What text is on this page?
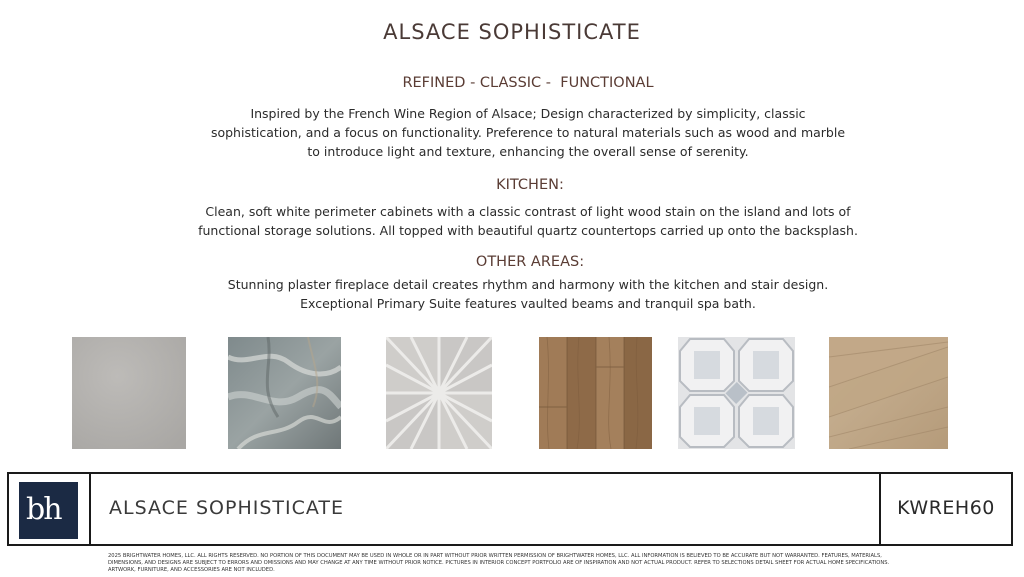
ALSACE SOPHISTICATE
REFINED - CLASSIC -  FUNCTIONAL
Inspired by the French Wine Region of Alsace; Design characterized by simplicity, classic
sophistication, and a focus on functionality. Preference to natural materials such as wood and marble
to introduce light and texture, enhancing the overall sense of serenity.
KITCHEN:
Clean, soft white perimeter cabinets with a classic contrast of light wood stain on the island and lots of
functional storage solutions. All topped with beautiful quartz countertops carried up onto the backsplash.
OTHER AREAS:
Stunning plaster fireplace detail creates rhythm and harmony with the kitchen and stair design.
Exceptional Primary Suite features vaulted beams and tranquil spa bath.
bh	ALSACE SOPHISTICATE	KWREH60
2025 BRIGHTWATER HOMES, LLC. ALL RIGHTS RESERVED. NO PORTION OF THIS DOCUMENT MAY BE USED IN WHOLE OR IN PART WITHOUT PRIOR WRITTEN PERMISSION OF BRIGHTWATER HOMES, LLC. ALL INFORMATION IS BELIEVED TO BE ACCURATE BUT NOT WARRANTED. FEATURES, MATERIALS, DIMENSIONS, AND DESIGNS ARE SUBJECT TO ERRORS AND OMISSIONS AND MAY CHANGE AT ANY TIME WITHOUT PRIOR NOTICE. PICTURES IN INTERIOR CONCEPT PORTFOLIO ARE OF INSPIRATION AND NOT ACTUAL PRODUCT. REFER TO SELECTIONS DETAIL SHEET FOR ACTUAL HOME SPECIFICATIONS. ARTWORK, FURNITURE, AND ACCESSORIES ARE NOT INCLUDED.
